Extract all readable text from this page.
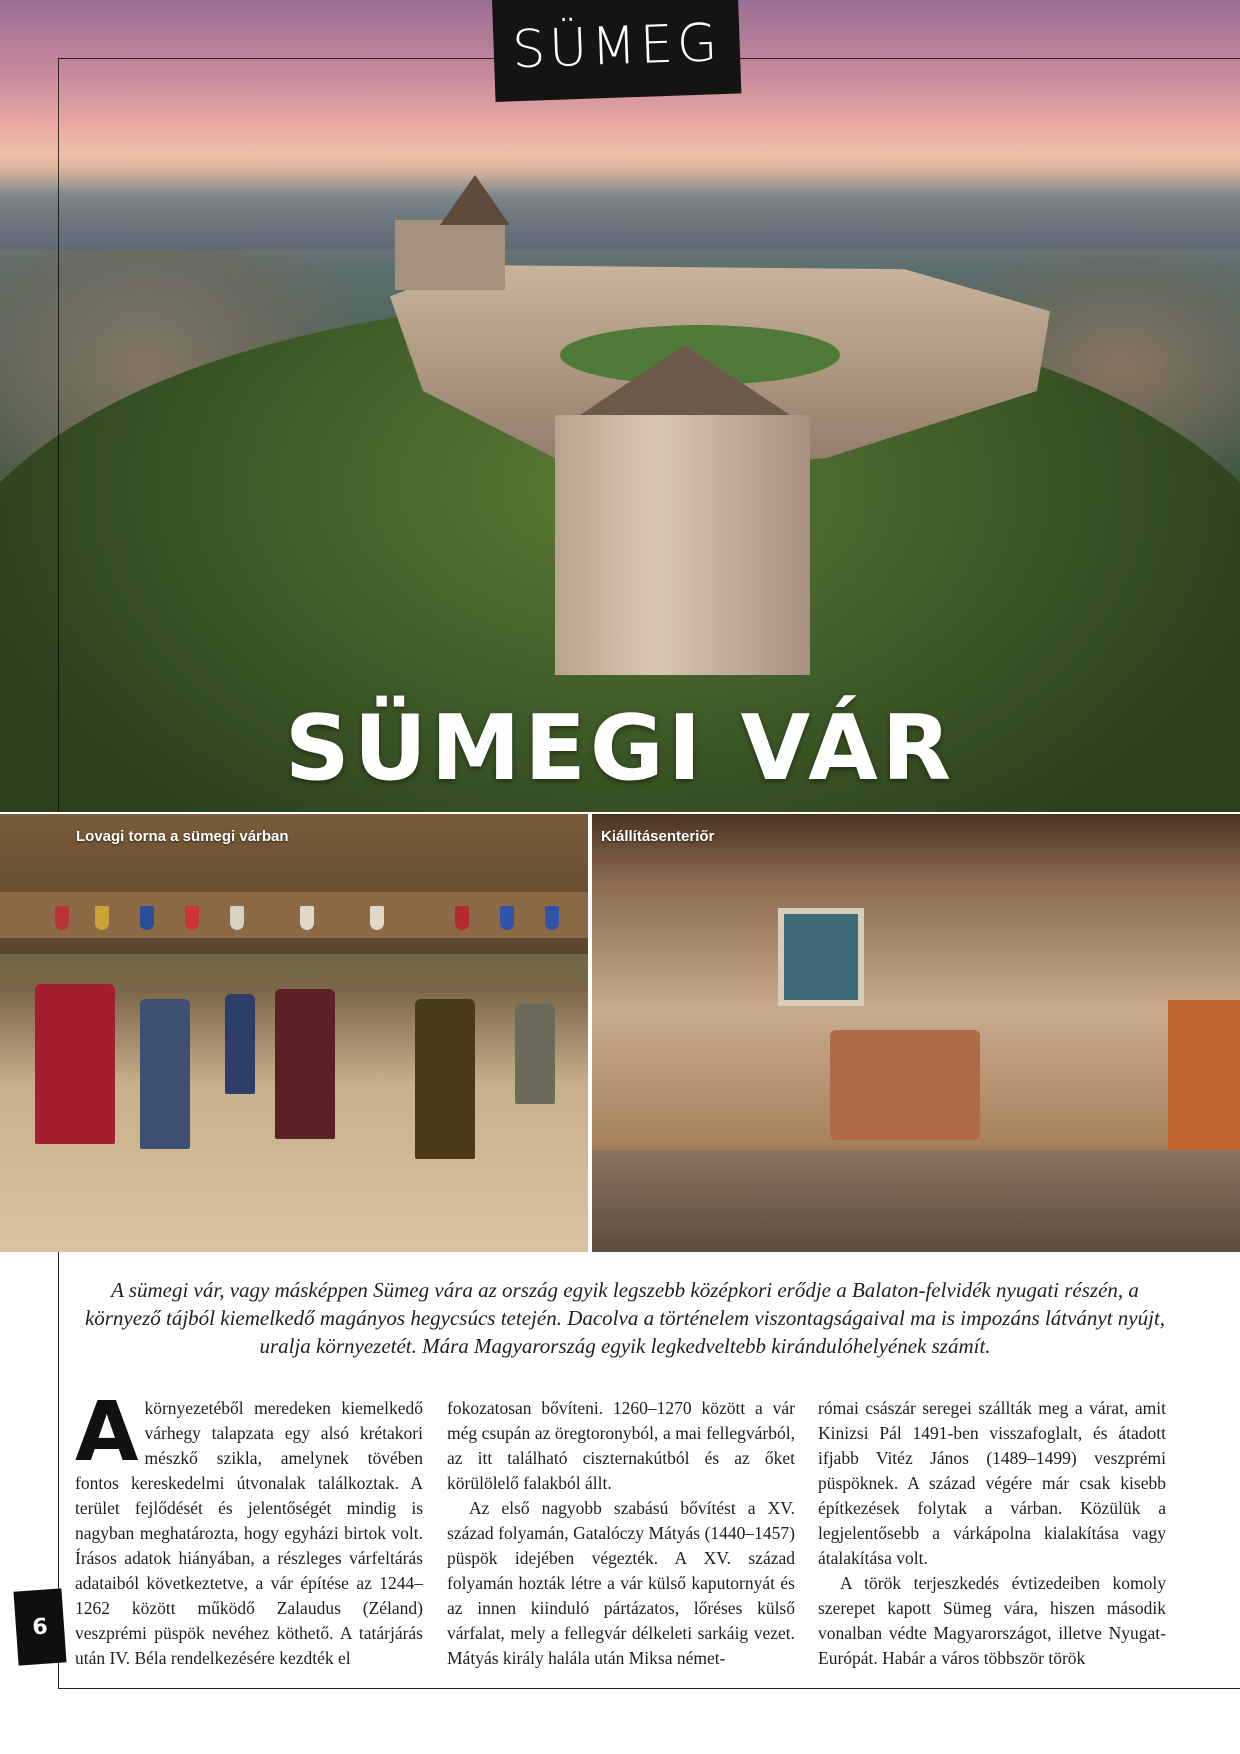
SÜMEG
SÜMEGI VÁR
Lovagi torna a sümegi várban	Kiállításenteriőr
A sümegi vár, vagy másképpen Sümeg vára az ország egyik legszebb középkori erődje a Balaton-felvidék nyugati részén, a környező tájból kiemelkedő magányos hegycsúcs tetején. Dacolva a történelem viszontagságaival ma is impozáns látványt nyújt, uralja környezetét. Mára Magyarország egyik legkedveltebb kirándulóhelyének számít.

A környezetéből meredeken kiemelkedő várhegy talapzata egy alsó krétakori mészkő szikla, amelynek tövében fontos kereskedelmi útvonalak találkoztak. A terület fejlődését és jelentőségét mindig is nagyban meghatározta, hogy egyházi birtok volt. Írásos adatok hiányában, a részleges várfeltárás adataiból következtetve, a vár építése az 1244–1262 között működő Zalaudus (Zéland) veszprémi püspök nevéhez köthető. A tatárjárás után IV. Béla rendelkezésére kezdték el

fokozatosan bővíteni. 1260–1270 között a vár még csupán az öregtoronyból, a mai fellegvárból, az itt található ciszternakútból és az őket körülölelő falakból állt.

Az első nagyobb szabású bővítést a XV. század folyamán, Gatalóczy Mátyás (1440–1457) püspök idejében végezték. A XV. század folyamán hozták létre a vár külső kaputornyát és az innen kiinduló pártázatos, lőréses külső várfalat, mely a fellegvár délkeleti sarkáig vezet. Mátyás király halála után Miksa német-

római császár seregei szállták meg a várat, amit Kinizsi Pál 1491-ben visszafoglalt, és átadott ifjabb Vitéz János (1489–1499) veszprémi püspöknek. A század végére már csak kisebb építkezések folytak a várban. Közülük a legjelentősebb a várkápolna kialakítása vagy átalakítása volt.

A török terjeszkedés évtizedeiben komoly szerepet kapott Sümeg vára, hiszen második vonalban védte Magyarországot, illetve Nyugat-Európát. Habár a város többször török

6
